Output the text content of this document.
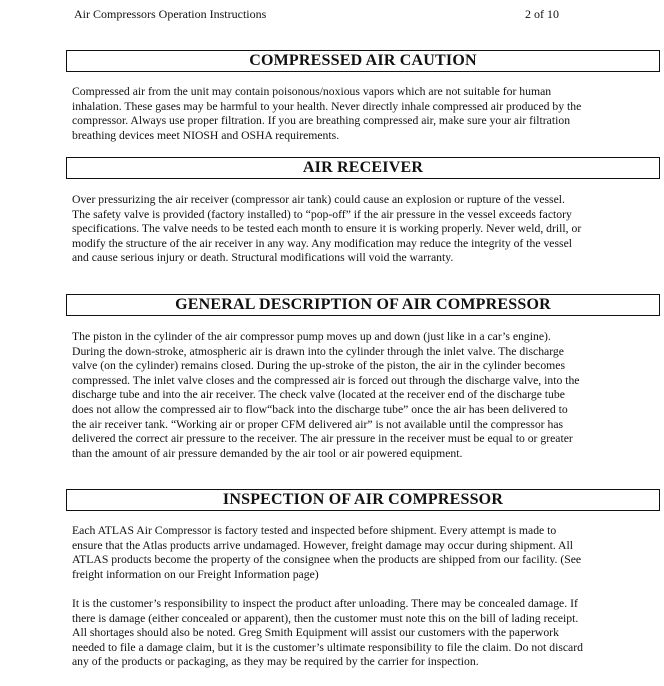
Air Compressors Operation Instructions	2 of 10
COMPRESSED AIR CAUTION

Compressed air from the unit may contain poisonous/noxious vapors which are not suitable for human inhalation. These gases may be harmful to your health. Never directly inhale compressed air produced by the compressor. Always use proper filtration. If you are breathing compressed air, make sure your air filtration breathing devices meet NIOSH and OSHA requirements.

AIR RECEIVER

Over pressurizing the air receiver (compressor air tank) could cause an explosion or rupture of the vessel. The safety valve is provided (factory installed) to “pop-off” if the air pressure in the vessel exceeds factory specifications. The valve needs to be tested each month to ensure it is working properly. Never weld, drill, or modify the structure of the air receiver in any way. Any modification may reduce the integrity of the vessel and cause serious injury or death. Structural modifications will void the warranty.

GENERAL DESCRIPTION OF AIR COMPRESSOR

The piston in the cylinder of the air compressor pump moves up and down (just like in a car’s engine). During the down-stroke, atmospheric air is drawn into the cylinder through the inlet valve. The discharge valve (on the cylinder) remains closed. During the up-stroke of the piston, the air in the cylinder becomes compressed. The inlet valve closes and the compressed air is forced out through the discharge valve, into the discharge tube and into the air receiver. The check valve (located at the receiver end of the discharge tube does not allow the compressed air to flow“back into the discharge tube” once the air has been delivered to the air receiver tank. “Working air or proper CFM delivered air” is not available until the compressor has delivered the correct air pressure to the receiver. The air pressure in the receiver must be equal to or greater than the amount of air pressure demanded by the air tool or air powered equipment.

INSPECTION OF AIR COMPRESSOR

Each ATLAS Air Compressor is factory tested and inspected before shipment. Every attempt is made to ensure that the Atlas products arrive undamaged. However, freight damage may occur during shipment. All ATLAS products become the property of the consignee when the products are shipped from our facility. (See freight information on our Freight Information page)

It is the customer’s responsibility to inspect the product after unloading. There may be concealed damage. If there is damage (either concealed or apparent), then the customer must note this on the bill of lading receipt. All shortages should also be noted. Greg Smith Equipment will assist our customers with the paperwork needed to file a damage claim, but it is the customer’s ultimate responsibility to file the claim. Do not discard any of the products or packaging, as they may be required by the carrier for inspection.
